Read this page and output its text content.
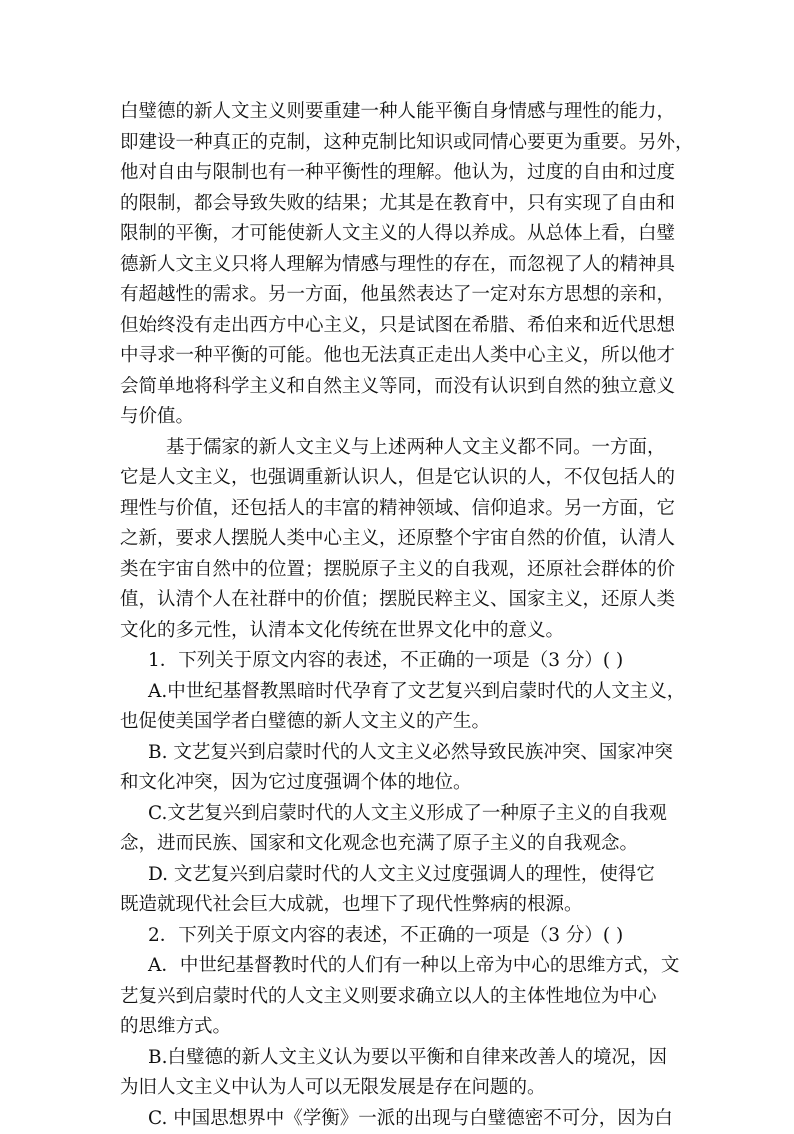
白璧德的新人文主义则要重建一种人能平衡自身情感与理性的能力，
即建设一种真正的克制，这种克制比知识或同情心要更为重要。另外，
他对自由与限制也有一种平衡性的理解。他认为，过度的自由和过度
的限制，都会导致失败的结果；尤其是在教育中，只有实现了自由和
限制的平衡，才可能使新人文主义的人得以养成。从总体上看，白璧
德新人文主义只将人理解为情感与理性的存在，而忽视了人的精神具
有超越性的需求。另一方面，他虽然表达了一定对东方思想的亲和，
但始终没有走出西方中心主义，只是试图在希腊、希伯来和近代思想
中寻求一种平衡的可能。他也无法真正走出人类中心主义，所以他才
会简单地将科学主义和自然主义等同，而没有认识到自然的独立意义
与价值。
基于儒家的新人文主义与上述两种人文主义都不同。一方面，
它是人文主义，也强调重新认识人，但是它认识的人，不仅包括人的
理性与价值，还包括人的丰富的精神领域、信仰追求。另一方面，它
之新，要求人摆脱人类中心主义，还原整个宇宙自然的价值，认清人
类在宇宙自然中的位置；摆脱原子主义的自我观，还原社会群体的价
值，认清个人在社群中的价值；摆脱民粹主义、国家主义，还原人类
文化的多元性，认清本文化传统在世界文化中的意义。
1．下列关于原文内容的表述，不正确的一项是（3 分）( )
A.中世纪基督教黑暗时代孕育了文艺复兴到启蒙时代的人文主义，
也促使美国学者白璧德的新人文主义的产生。
B. 文艺复兴到启蒙时代的人文主义必然导致民族冲突、国家冲突
和文化冲突，因为它过度强调个体的地位。
C.文艺复兴到启蒙时代的人文主义形成了一种原子主义的自我观
念，进而民族、国家和文化观念也充满了原子主义的自我观念。
D. 文艺复兴到启蒙时代的人文主义过度强调人的理性，使得它
既造就现代社会巨大成就，也埋下了现代性弊病的根源。
2．下列关于原文内容的表述，不正确的一项是（3 分）( )
A．中世纪基督教时代的人们有一种以上帝为中心的思维方式，文
艺复兴到启蒙时代的人文主义则要求确立以人的主体性地位为中心
的思维方式。
B.白璧德的新人文主义认为要以平衡和自律来改善人的境况，因
为旧人文主义中认为人可以无限发展是存在问题的。
C. 中国思想界中《学衡》一派的出现与白璧德密不可分，因为白
